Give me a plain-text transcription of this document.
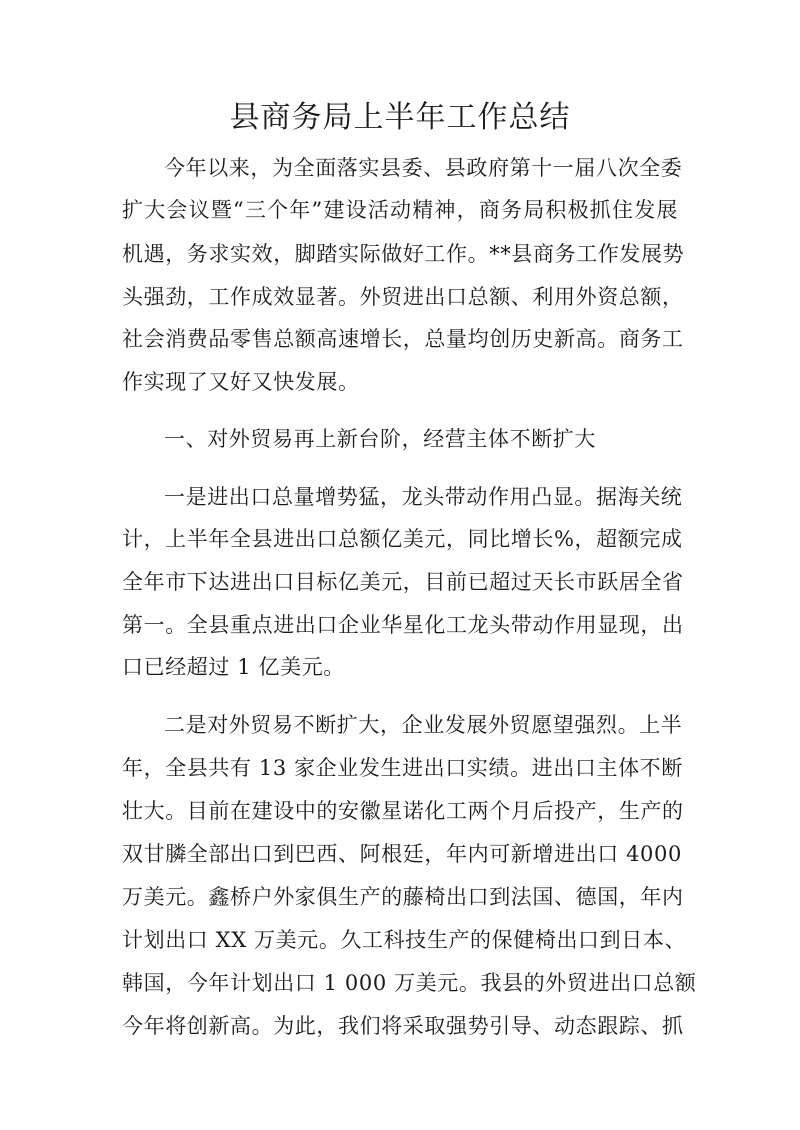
县商务局上半年工作总结

今年以来，为全面落实县委、县政府第十一届八次全委

扩大会议暨“三个年”建设活动精神，商务局积极抓住发展

机遇，务求实效，脚踏实际做好工作。**县商务工作发展势

头强劲，工作成效显著。外贸进出口总额、利用外资总额，

社会消费品零售总额高速增长，总量均创历史新高。商务工

作实现了又好又快发展。

一、对外贸易再上新台阶，经营主体不断扩大

一是进出口总量增势猛，龙头带动作用凸显。据海关统

计，上半年全县进出口总额亿美元，同比增长%，超额完成

全年市下达进出口目标亿美元，目前已超过天长市跃居全省

第一。全县重点进出口企业华星化工龙头带动作用显现，出

口已经超过 1 亿美元。

二是对外贸易不断扩大，企业发展外贸愿望强烈。上半

年，全县共有 13 家企业发生进出口实绩。进出口主体不断

壮大。目前在建设中的安徽星诺化工两个月后投产，生产的

双甘膦全部出口到巴西、阿根廷，年内可新增进出口 4000

万美元。鑫桥户外家俱生产的藤椅出口到法国、德国，年内

计划出口 XX 万美元。久工科技生产的保健椅出口到日本、

韩国，今年计划出口 1 000 万美元。我县的外贸进出口总额

今年将创新高。为此，我们将采取强势引导、动态跟踪、抓
